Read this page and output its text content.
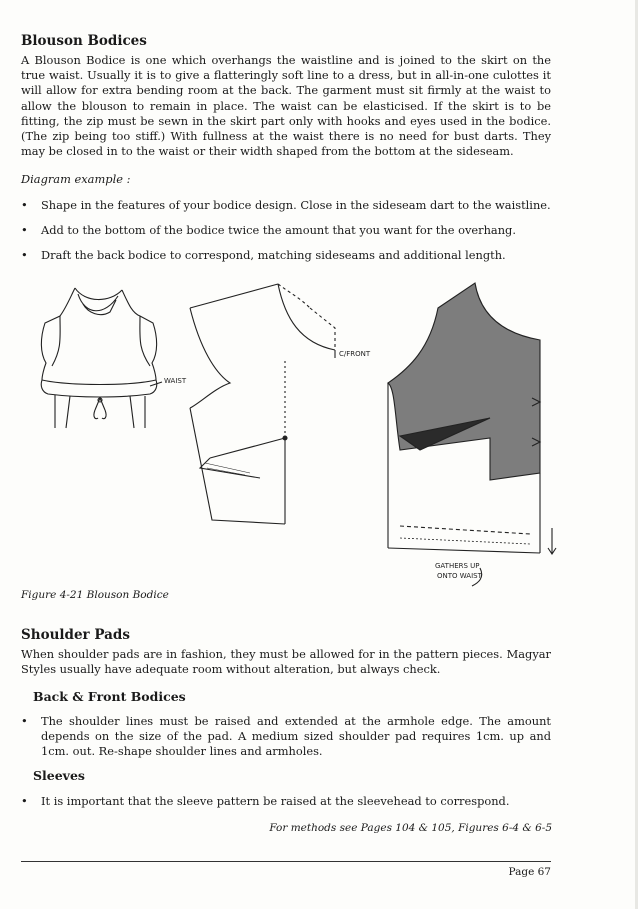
Blouson Bodices

A Blouson Bodice is one which overhangs the waistline and is joined to the skirt on the true waist. Usually it is to give a flatteringly soft line to a dress, but in all-in-one culottes it will allow for extra bending room at the back. The garment must sit firmly at the waist to allow the blouson to remain in place. The waist can be elasticised. If the skirt is to be fitting, the zip must be sewn in the skirt part only with hooks and eyes used in the bodice. (The zip being too stiff.) With fullness at the waist there is no need for bust darts. They may be closed in to the waist or their width shaped from the bottom at the sideseam.

Diagram example :
• Shape in the features of your bodice design. Close in the sideseam dart to the waistline.
• Add to the bottom of the bodice twice the amount that you want for the overhang.
• Draft the back bodice to correspond, matching sideseams and additional length.
WAIST
C/FRONT
GATHERS UP
ONTO WAIST
Figure 4-21 Blouson Bodice
Shoulder Pads

When shoulder pads are in fashion, they must be allowed for in the pattern pieces. Magyar Styles usually have adequate room without alteration, but always check.

Back & Front Bodices
• The shoulder lines must be raised and extended at the armhole edge. The amount depends on the size of the pad. A medium sized shoulder pad requires 1cm. up and 1cm. out. Re-shape shoulder lines and armholes.
Sleeves
• It is important that the sleeve pattern be raised at the sleevehead to correspond.
For methods see Pages 104 & 105, Figures 6-4 & 6-5
Page 67
